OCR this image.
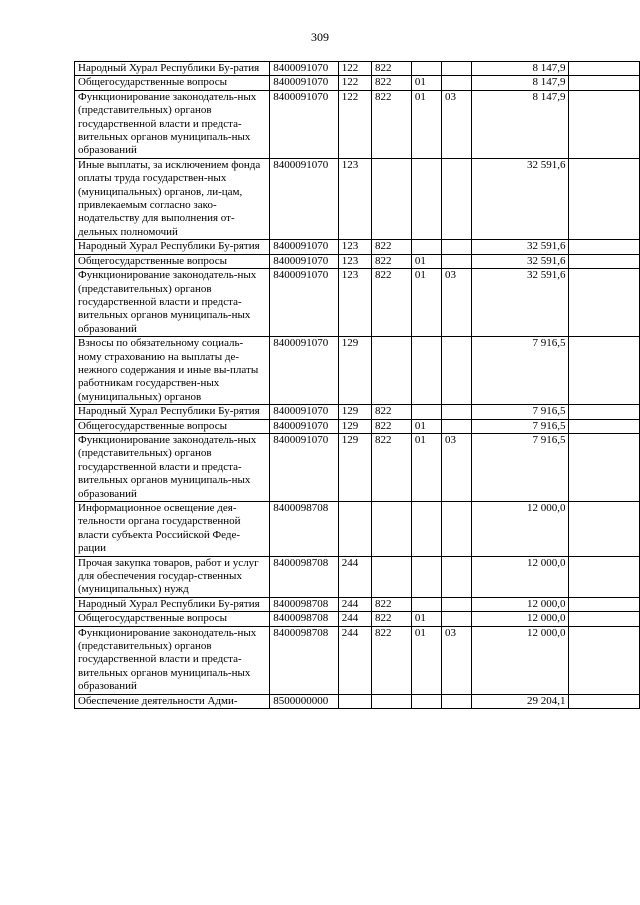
309
Народный Хурал Республики Бу-ратия	8400091070	122	822			8 147,9	
Общегосударственные вопросы	8400091070	122	822	01		8 147,9	
Функционирование законодатель-ных (представительных) органов государственной власти и предста-вительных органов муниципаль-ных образований	8400091070	122	822	01	03	8 147,9	
Иные выплаты, за исключением фонда оплаты труда государствен-ных (муниципальных) органов, ли-цам, привлекаемым согласно зако-нодательству для выполнения от-дельных полномочий	8400091070	123				32 591,6	
Народный Хурал Республики Бу-рятия	8400091070	123	822			32 591,6	
Общегосударственные вопросы	8400091070	123	822	01		32 591,6	
Функционирование законодатель-ных (представительных) органов государственной власти и предста-вительных органов муниципаль-ных образований	8400091070	123	822	01	03	32 591,6	
Взносы по обязательному социаль-ному страхованию на выплаты де-нежного содержания и иные вы-платы работникам государствен-ных (муниципальных) органов	8400091070	129				7 916,5	
Народный Хурал Республики Бу-рятия	8400091070	129	822			7 916,5	
Общегосударственные вопросы	8400091070	129	822	01		7 916,5	
Функционирование законодатель-ных (представительных) органов государственной власти и предста-вительных органов муниципаль-ных образований	8400091070	129	822	01	03	7 916,5	
Информационное освещение дея-тельности органа государственной власти субъекта Российской Феде-рации	8400098708					12 000,0	
Прочая закупка товаров, работ и услуг для обеспечения государ-ственных (муниципальных) нужд	8400098708	244				12 000,0	
Народный Хурал Республики Бу-рятия	8400098708	244	822			12 000,0	
Общегосударственные вопросы	8400098708	244	822	01		12 000,0	
Функционирование законодатель-ных (представительных) органов государственной власти и предста-вительных органов муниципаль-ных образований	8400098708	244	822	01	03	12 000,0	
Обеспечение деятельности Адми-	8500000000					29 204,1	
